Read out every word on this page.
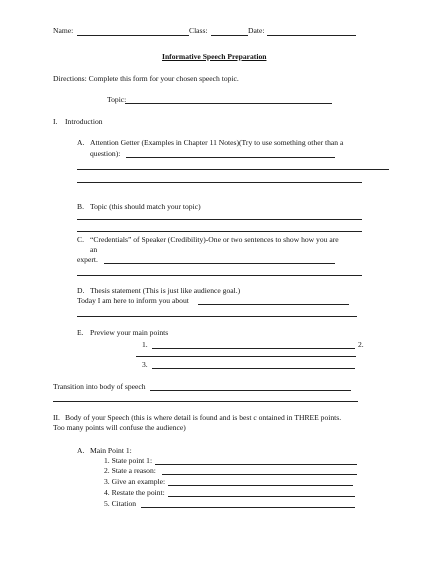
Name:	Class:	Date:
Informative Speech Preparation
Directions: Complete this form for your chosen speech topic.
Topic:
I. Introduction
A. Attention Getter (Examples in Chapter 11 Notes)(Try to use something other than a
question):
B. Topic (this should match your topic)
C. “Credentials” of Speaker (Credibility)-One or two sentences to show how you are
an
expert.
D. Thesis statement (This is just like audience goal.)
Today I am here to inform you about
E. Preview your main points
1.	2.
3.
Transition into body of speech
II. Body of your Speech (this is where detail is found and is best c ontained in THREE points.
Too many points will confuse the audience)
A. Main Point 1:
1. State point 1:
2. State a reason:
3. Give an example:
4. Restate the point:
5. Citation
